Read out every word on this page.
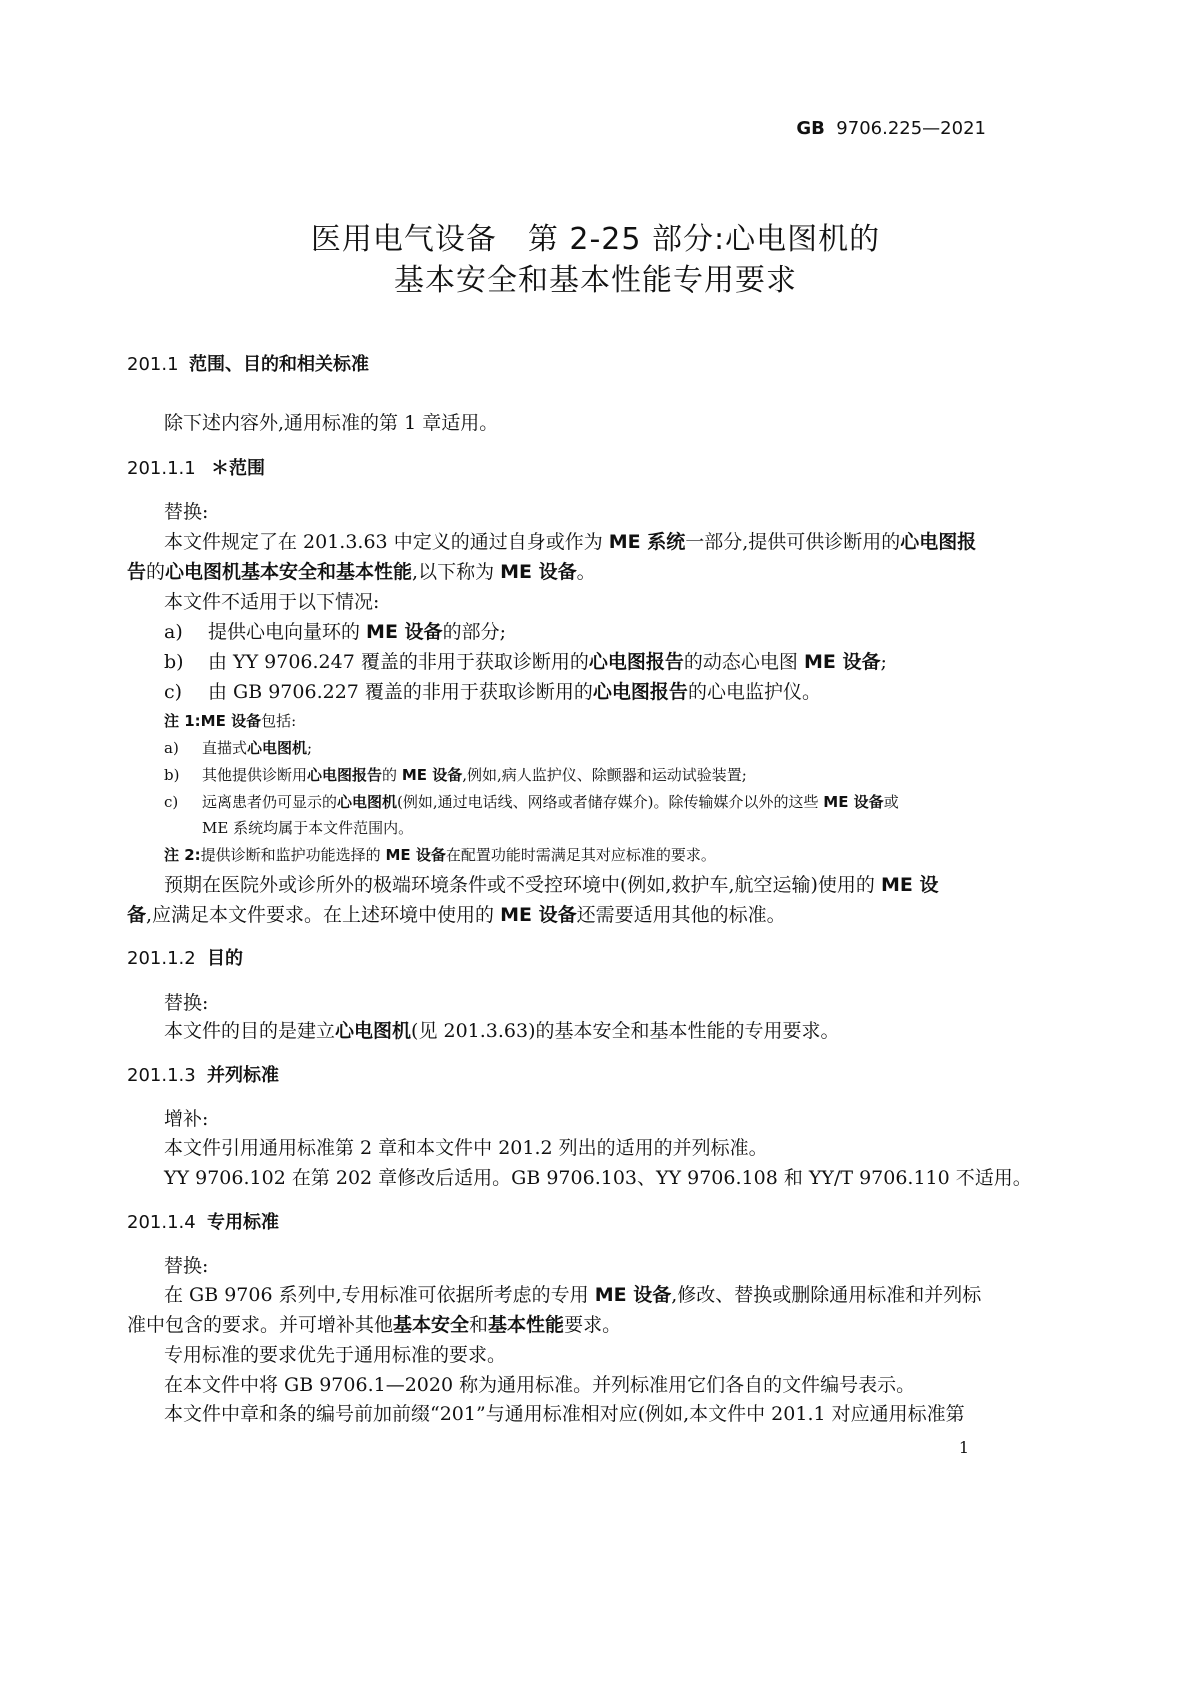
GB 9706.225—2021
医用电气设备　第 2-25 部分:心电图机的
基本安全和基本性能专用要求
201.1 范围、目的和相关标准
除下述内容外,通用标准的第 1 章适用。
201.1.1 ＊范围
替换:
本文件规定了在 201.3.63 中定义的通过自身或作为 ME 系统一部分,提供可供诊断用的心电图报
告的心电图机基本安全和基本性能,以下称为 ME 设备。
本文件不适用于以下情况:
a) 提供心电向量环的 ME 设备的部分;
b) 由 YY 9706.247 覆盖的非用于获取诊断用的心电图报告的动态心电图 ME 设备;
c) 由 GB 9706.227 覆盖的非用于获取诊断用的心电图报告的心电监护仪。
注 1:ME 设备包括:
a) 直描式心电图机;
b) 其他提供诊断用心电图报告的 ME 设备,例如,病人监护仪、除颤器和运动试验装置;
c) 远离患者仍可显示的心电图机(例如,通过电话线、网络或者储存媒介)。除传输媒介以外的这些 ME 设备或
ME 系统均属于本文件范围内。
注 2:提供诊断和监护功能选择的 ME 设备在配置功能时需满足其对应标准的要求。
预期在医院外或诊所外的极端环境条件或不受控环境中(例如,救护车,航空运输)使用的 ME 设
备,应满足本文件要求。在上述环境中使用的 ME 设备还需要适用其他的标准。
201.1.2 目的
替换:
本文件的目的是建立心电图机(见 201.3.63)的基本安全和基本性能的专用要求。
201.1.3 并列标准
增补:
本文件引用通用标准第 2 章和本文件中 201.2 列出的适用的并列标准。
YY 9706.102 在第 202 章修改后适用。GB 9706.103、YY 9706.108 和 YY/T 9706.110 不适用。
201.1.4 专用标准
替换:
在 GB 9706 系列中,专用标准可依据所考虑的专用 ME 设备,修改、替换或删除通用标准和并列标
准中包含的要求。并可增补其他基本安全和基本性能要求。
专用标准的要求优先于通用标准的要求。
在本文件中将 GB 9706.1—2020 称为通用标准。并列标准用它们各自的文件编号表示。
本文件中章和条的编号前加前缀“201”与通用标准相对应(例如,本文件中 201.1 对应通用标准第
1
